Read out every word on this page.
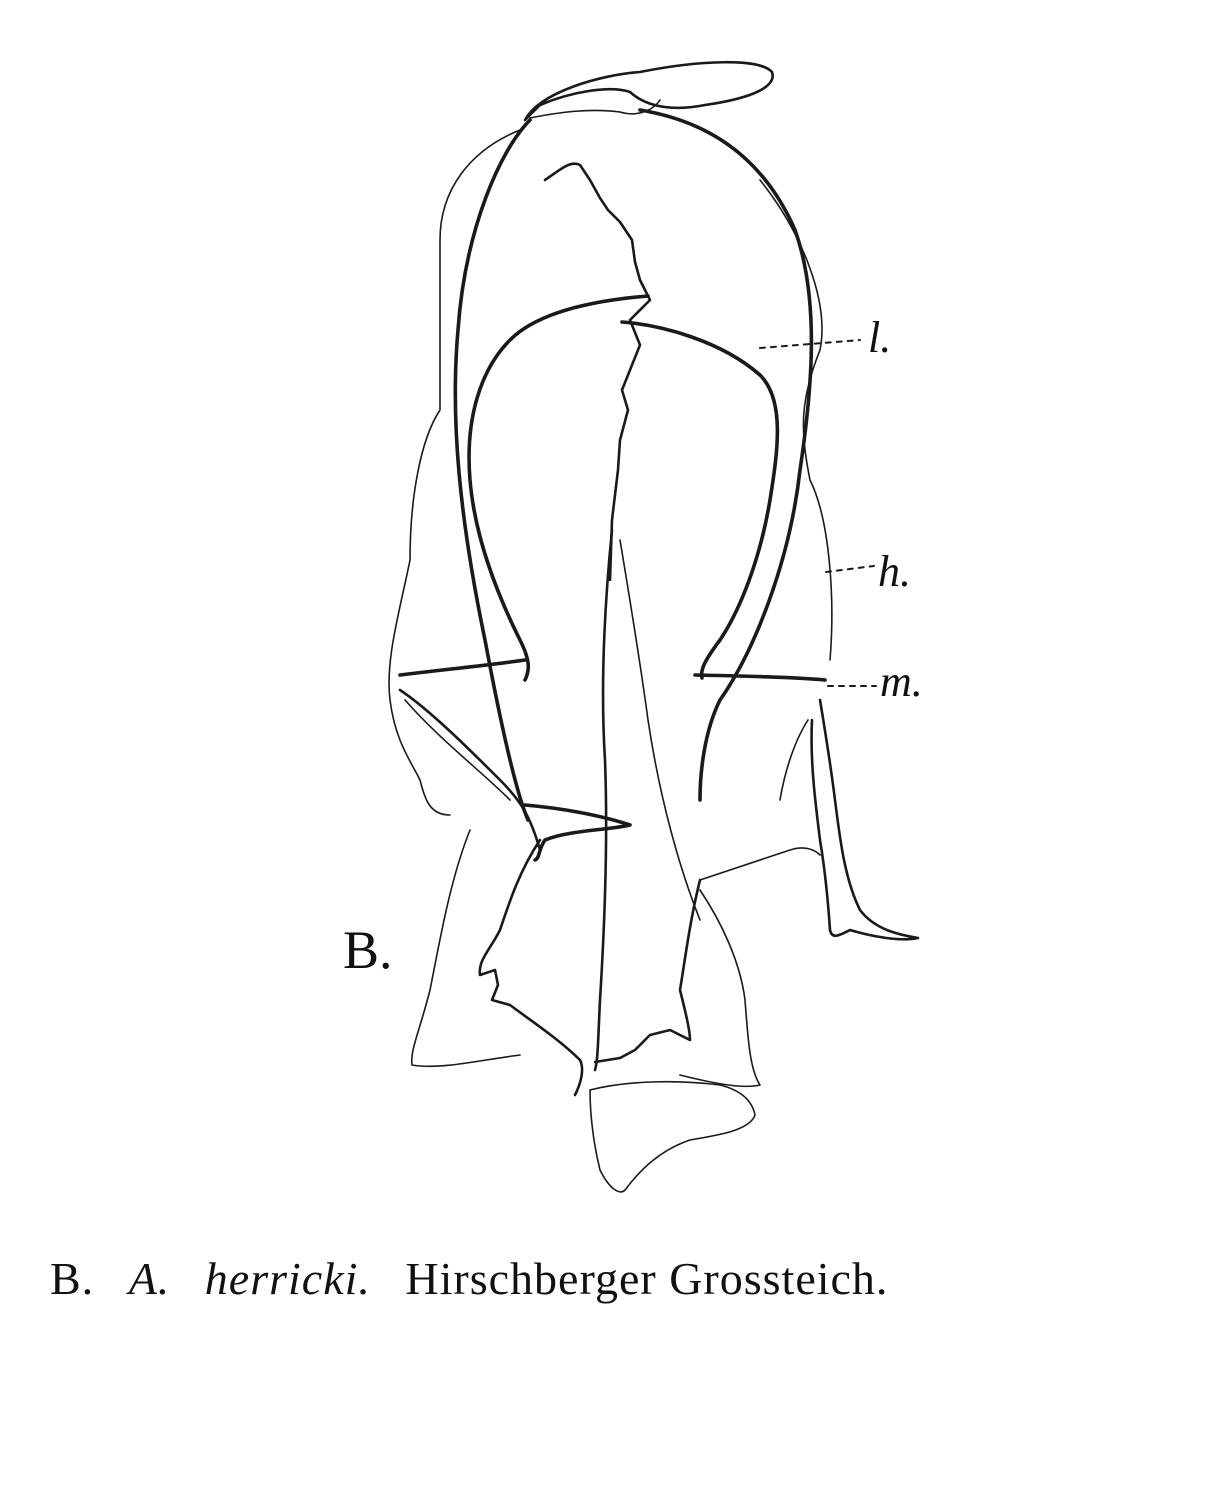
B.
l.
h.
m.
B. A. herricki. Hirschberger Grossteich.
